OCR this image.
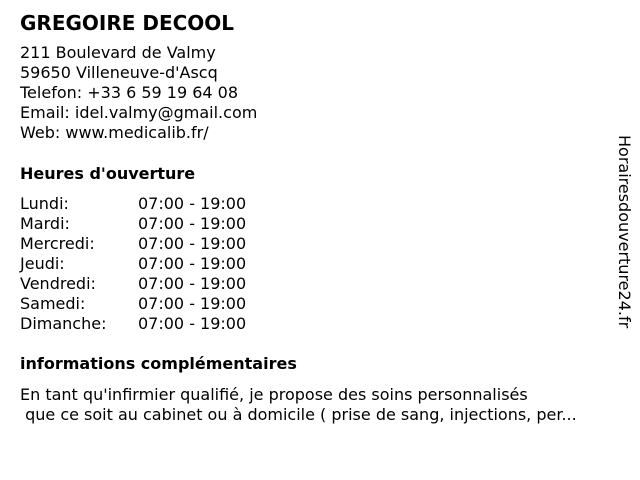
GREGOIRE DECOOL
211 Boulevard de Valmy
59650 Villeneuve-d'Ascq
Telefon: +33 6 59 19 64 08
Email: idel.valmy@gmail.com
Web: www.medicalib.fr/
Heures d'ouverture
Lundi:	07:00 - 19:00
Mardi:	07:00 - 19:00
Mercredi:	07:00 - 19:00
Jeudi:	07:00 - 19:00
Vendredi:	07:00 - 19:00
Samedi:	07:00 - 19:00
Dimanche:	07:00 - 19:00
informations complémentaires
En tant qu'infirmier qualifié, je propose des soins personnalisés
que ce soit au cabinet ou à domicile ( prise de sang, injections, per...
Horairesdouverture24.fr
